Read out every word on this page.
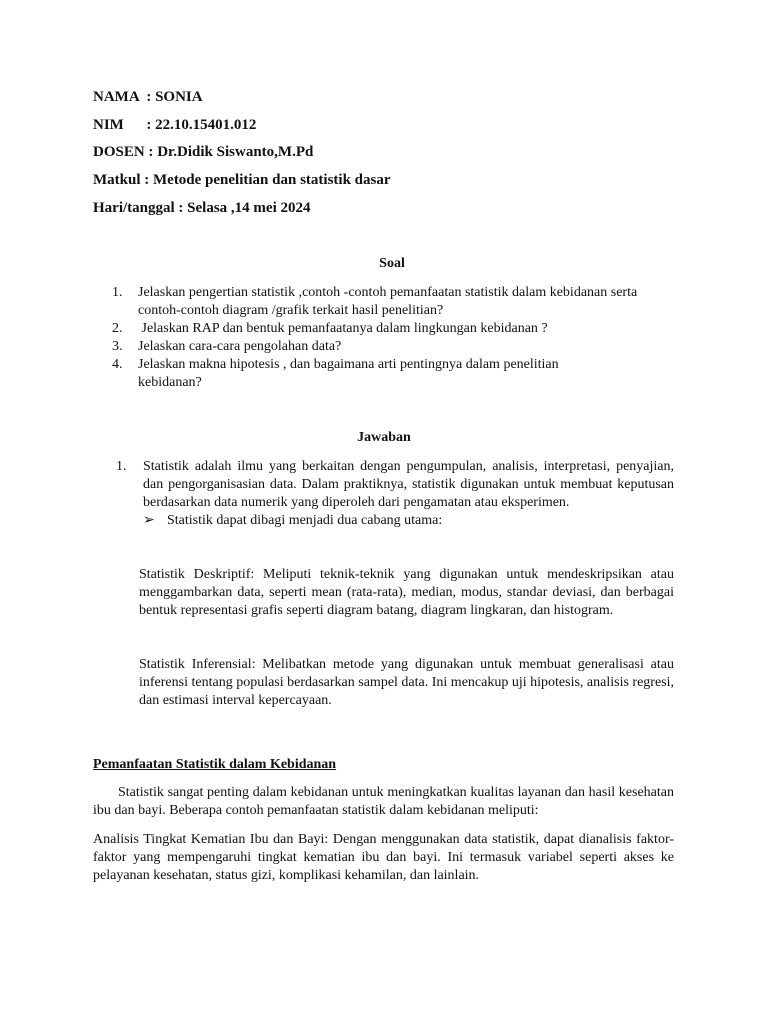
NAMA  : SONIA
NIM      : 22.10.15401.012
DOSEN : Dr.Didik Siswanto,M.Pd
Matkul : Metode penelitian dan statistik dasar
Hari/tanggal : Selasa ,14 mei 2024
Soal
1. Jelaskan pengertian statistik ,contoh -contoh pemanfaatan statistik dalam kebidanan serta contoh-contoh diagram /grafik terkait hasil penelitian?
2. Jelaskan RAP dan bentuk pemanfaatanya dalam lingkungan kebidanan ?
3. Jelaskan cara-cara pengolahan data?
4. Jelaskan makna hipotesis , dan bagaimana arti pentingnya dalam penelitian kebidanan?
Jawaban
1. Statistik adalah ilmu yang berkaitan dengan pengumpulan, analisis, interpretasi, penyajian, dan pengorganisasian data. Dalam praktiknya, statistik digunakan untuk membuat keputusan berdasarkan data numerik yang diperoleh dari pengamatan atau eksperimen.
➢ Statistik dapat dibagi menjadi dua cabang utama:
Statistik Deskriptif: Meliputi teknik-teknik yang digunakan untuk mendeskripsikan atau menggambarkan data, seperti mean (rata-rata), median, modus, standar deviasi, dan berbagai bentuk representasi grafis seperti diagram batang, diagram lingkaran, dan histogram.
Statistik Inferensial: Melibatkan metode yang digunakan untuk membuat generalisasi atau inferensi tentang populasi berdasarkan sampel data. Ini mencakup uji hipotesis, analisis regresi, dan estimasi interval kepercayaan.
Pemanfaatan Statistik dalam Kebidanan
Statistik sangat penting dalam kebidanan untuk meningkatkan kualitas layanan dan hasil kesehatan ibu dan bayi. Beberapa contoh pemanfaatan statistik dalam kebidanan meliputi:
Analisis Tingkat Kematian Ibu dan Bayi: Dengan menggunakan data statistik, dapat dianalisis faktor-faktor yang mempengaruhi tingkat kematian ibu dan bayi. Ini termasuk variabel seperti akses ke pelayanan kesehatan, status gizi, komplikasi kehamilan, dan lainlain.
